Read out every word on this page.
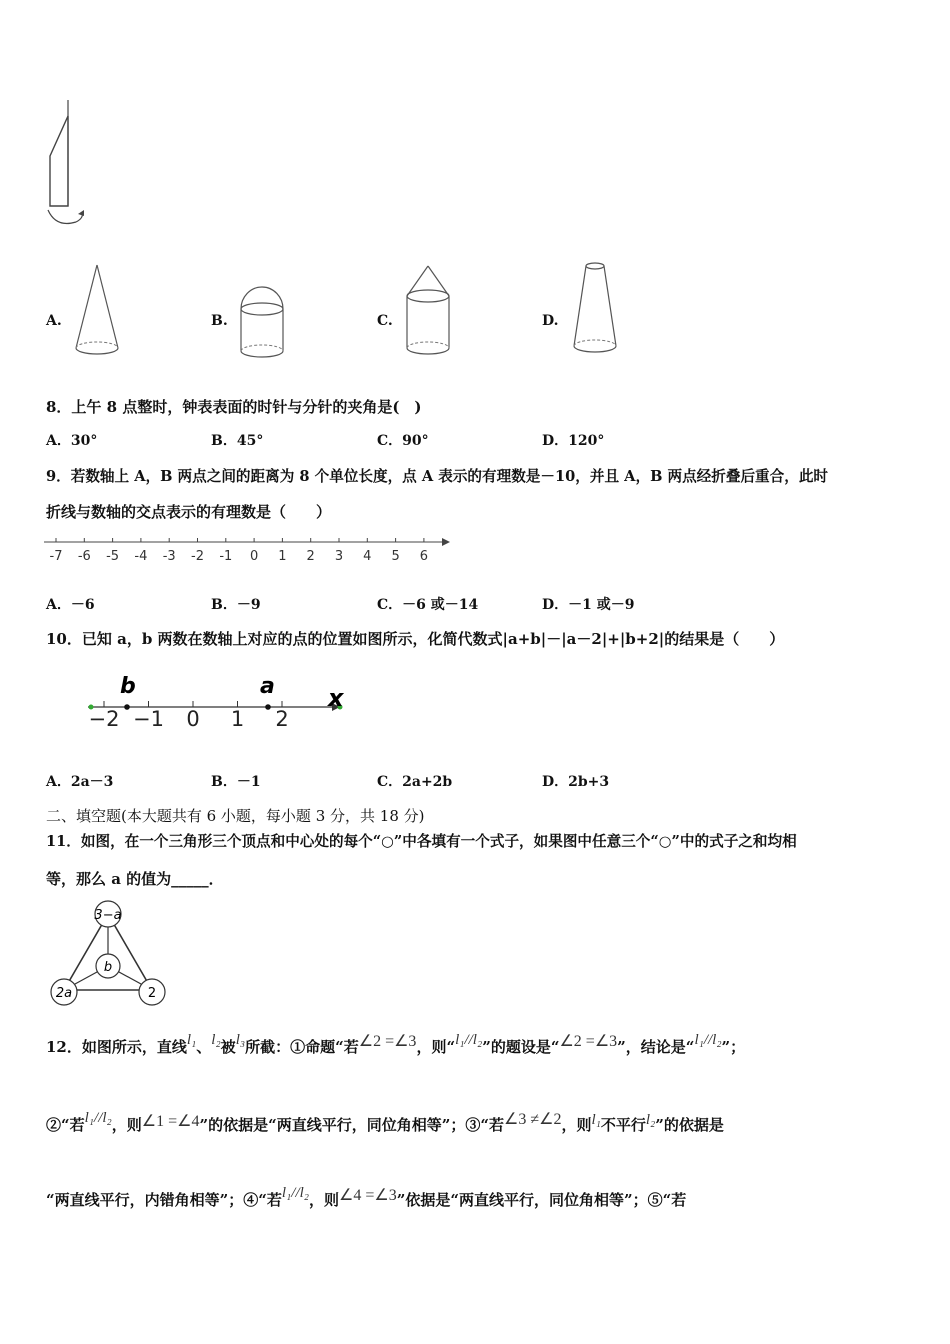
A.	B.	C.	D.
8．上午 8 点整时，钟表表面的时针与分针的夹角是(　)
A．30°	B．45°	C．90°	D．120°
9．若数轴上 A，B 两点之间的距离为 8 个单位长度，点 A 表示的有理数是－10，并且 A，B 两点经折叠后重合，此时
折线与数轴的交点表示的有理数是（　　）
-7 -6 -5 -4 -3 -2 -1 0 1 2 3 4 5 6
A．－6	B．－9	C．－6 或－14	D．－1 或－9
10．已知 a，b 两数在数轴上对应的点的位置如图所示，化简代数式|a+b|－|a－2|+|b+2|的结果是（　　）
−2 −1 0 1 2
b	a x
A．2a－3	B．－1	C．2a+2b	D．2b+3
二、填空题(本大题共有 6 小题，每小题 3 分，共 18 分)
11．如图，在一个三角形三个顶点和中心处的每个“○”中各填有一个式子，如果图中任意三个“○”中的式子之和均相
等，那么 a 的值为_____．
3−a
b
2a	2
12．如图所示，直线l₁、l₂被l₃所截：①命题“若∠2 =∠3，则“l₁//l₂”的题设是“∠2 =∠3”，结论是“l₁//l₂”；
②“若l₁//l₂，则∠1 =∠4”的依据是“两直线平行，同位角相等”；③“若∠3 ≠∠2，则l₁不平行l₂”的依据是
“两直线平行，内错角相等”；④“若l₁//l₂，则∠4 =∠3”依据是“两直线平行，同位角相等”；⑤“若
